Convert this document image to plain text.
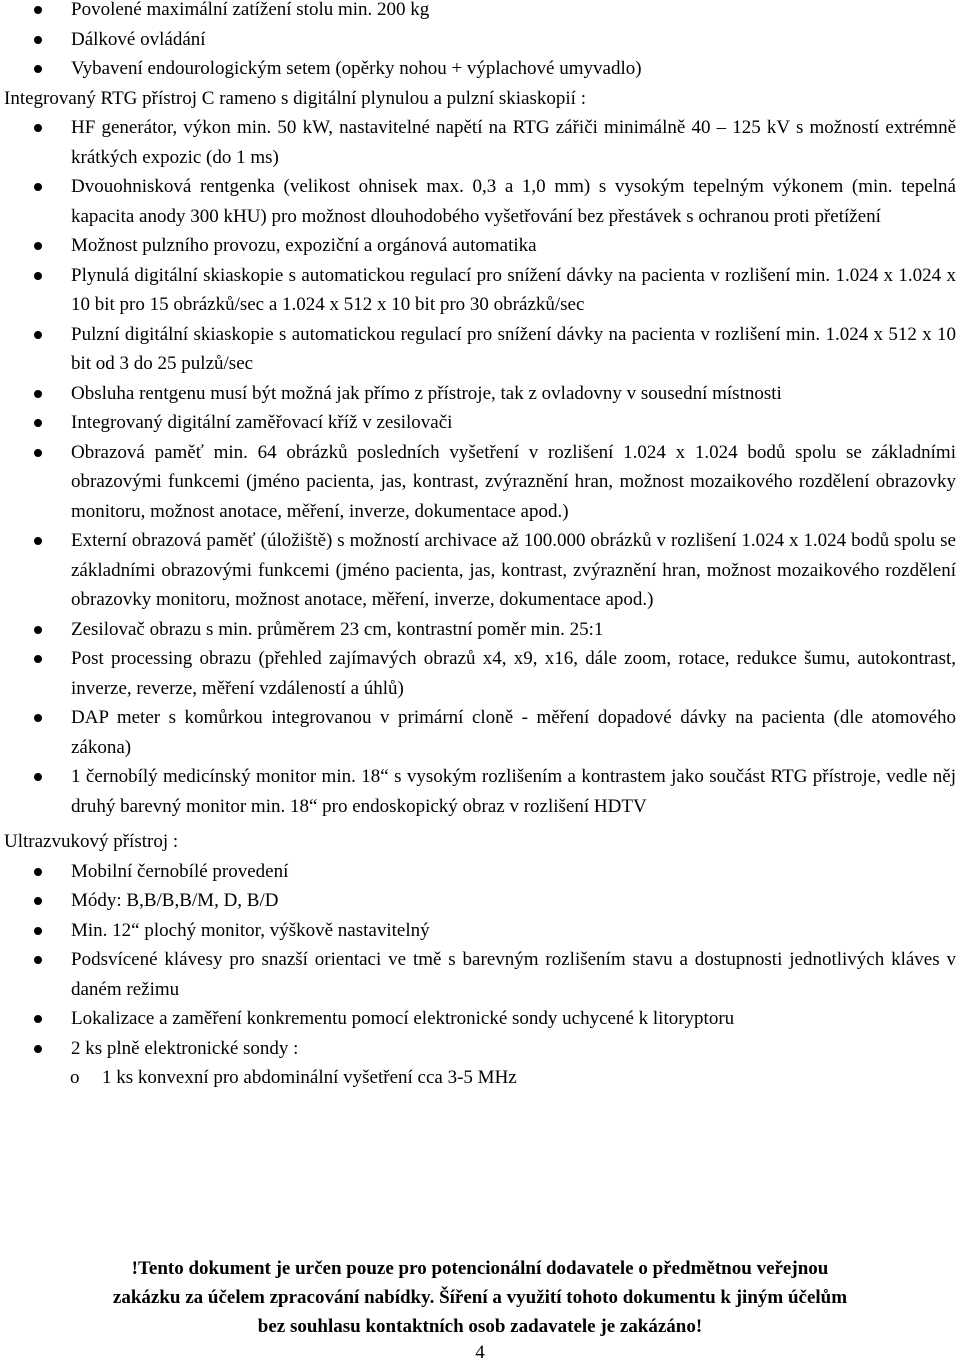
Povolené maximální zatížení stolu min. 200 kg
Dálkové ovládání
Vybavení endourologickým setem (opěrky nohou + výplachové umyvadlo)
Integrovaný RTG přístroj C rameno s digitální plynulou a pulzní skiaskopií :
HF generátor, výkon min. 50 kW, nastavitelné napětí na RTG zářiči minimálně 40 – 125 kV s možností extrémně krátkých expozic (do 1 ms)
Dvouohnisková rentgenka (velikost ohnisek max. 0,3 a 1,0 mm) s vysokým tepelným výkonem (min. tepelná kapacita anody 300 kHU) pro možnost dlouhodobého vyšetřování bez přestávek s ochranou proti přetížení
Možnost pulzního provozu, expoziční a orgánová automatika
Plynulá digitální skiaskopie s automatickou regulací pro snížení dávky na pacienta v rozlišení min. 1.024 x 1.024 x 10 bit pro 15 obrázků/sec a 1.024 x 512 x 10 bit pro 30 obrázků/sec
Pulzní digitální skiaskopie s automatickou regulací pro snížení dávky na pacienta v rozlišení min. 1.024 x 512 x 10 bit od 3 do 25 pulzů/sec
Obsluha rentgenu musí být možná jak přímo z přístroje, tak z ovladovny v sousední místnosti
Integrovaný digitální zaměřovací kříž v zesilovači
Obrazová paměť min. 64 obrázků posledních vyšetření v rozlišení 1.024 x 1.024 bodů spolu se základními obrazovými funkcemi (jméno pacienta, jas, kontrast, zvýraznění hran, možnost mozaikového rozdělení obrazovky monitoru, možnost anotace, měření, inverze, dokumentace apod.)
Externí obrazová paměť (úložiště) s možností archivace až 100.000 obrázků v rozlišení 1.024 x 1.024 bodů spolu se základními obrazovými funkcemi (jméno pacienta, jas, kontrast, zvýraznění hran, možnost mozaikového rozdělení obrazovky monitoru, možnost anotace, měření, inverze, dokumentace apod.)
Zesilovač obrazu s min. průměrem 23 cm, kontrastní poměr min. 25:1
Post processing obrazu (přehled zajímavých obrazů x4, x9, x16, dále zoom, rotace, redukce šumu, autokontrast, inverze, reverze, měření vzdáleností a úhlů)
DAP meter s komůrkou integrovanou v primární cloně - měření dopadové dávky na pacienta (dle atomového zákona)
1 černobílý medicínský monitor min. 18“ s vysokým rozlišením a kontrastem jako součást RTG přístroje, vedle něj druhý barevný monitor min. 18“ pro endoskopický obraz v rozlišení HDTV
Ultrazvukový přístroj :
Mobilní černobílé provedení
Módy: B,B/B,B/M, D, B/D
Min. 12“ plochý monitor, výškově nastavitelný
Podsvícené klávesy pro snazší orientaci ve tmě s barevným rozlišením stavu a dostupnosti jednotlivých kláves v daném režimu
Lokalizace a zaměření konkrementu pomocí elektronické sondy uchycené k litoryptoru
2 ks plně elektronické sondy :
o 1 ks konvexní pro abdominální vyšetření cca 3-5 MHz
!Tento dokument je určen pouze pro potencionální dodavatele o předmětnou veřejnou
zakázku za účelem zpracování nabídky. Šíření a využití tohoto dokumentu k jiným účelům
bez souhlasu kontaktních osob zadavatele je zakázáno!
4
